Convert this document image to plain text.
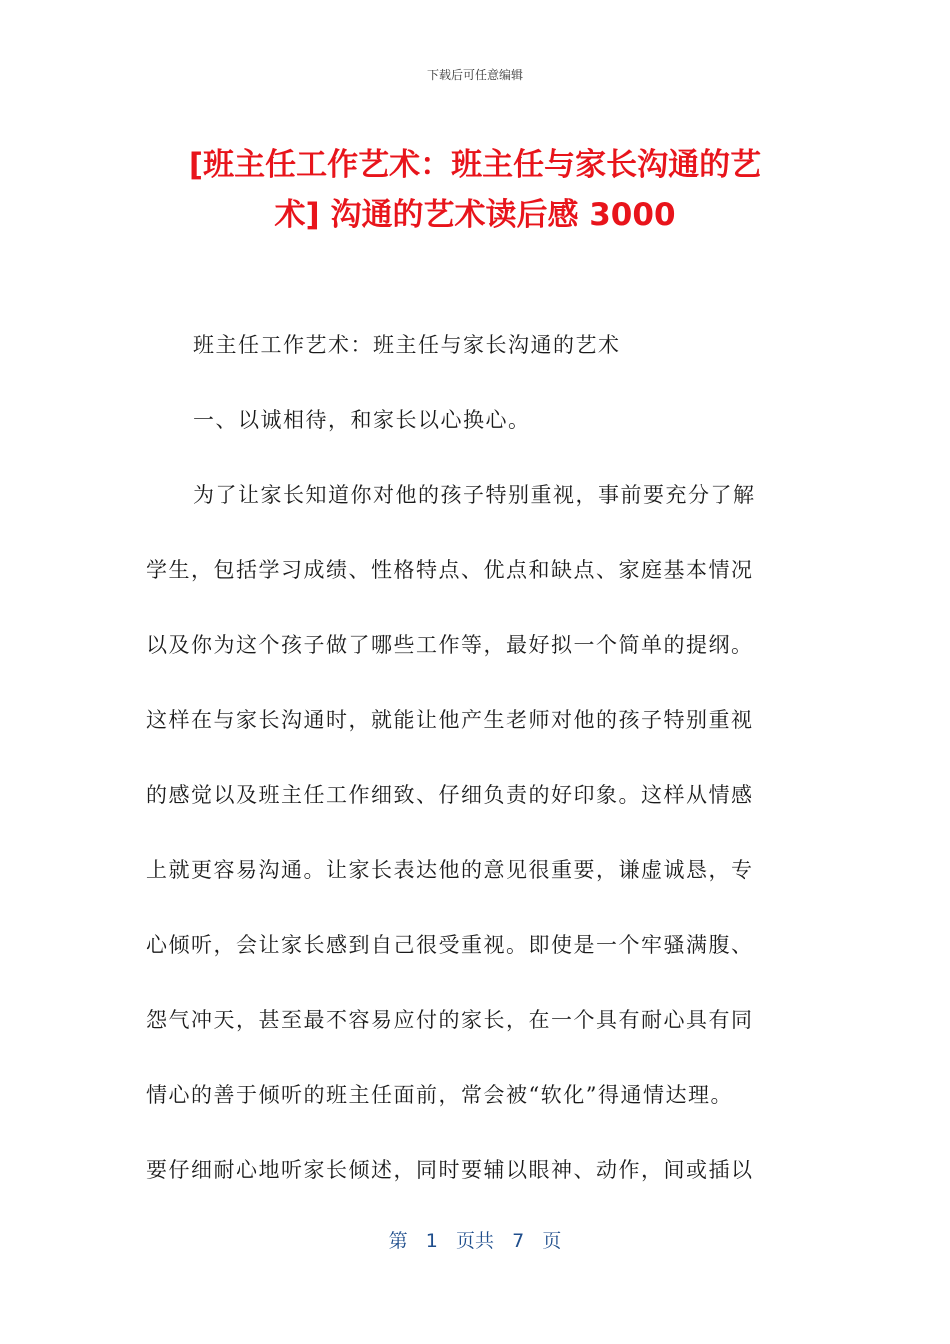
下载后可任意编辑
[班主任工作艺术：班主任与家长沟通的艺
术] 沟通的艺术读后感 3000
班主任工作艺术：班主任与家长沟通的艺术
一、以诚相待，和家长以心换心。
为了让家长知道你对他的孩子特别重视，事前要充分了解
学生，包括学习成绩、性格特点、优点和缺点、家庭基本情况
以及你为这个孩子做了哪些工作等，最好拟一个简单的提纲。
这样在与家长沟通时，就能让他产生老师对他的孩子特别重视
的感觉以及班主任工作细致、仔细负责的好印象。这样从情感
上就更容易沟通。让家长表达他的意见很重要，谦虚诚恳，专
心倾听，会让家长感到自己很受重视。即使是一个牢骚满腹、
怨气冲天，甚至最不容易应付的家长，在一个具有耐心具有同
情心的善于倾听的班主任面前，常会被“软化”得通情达理。
要仔细耐心地听家长倾述，同时要辅以眼神、动作，间或插以
第 1 页共 7 页
